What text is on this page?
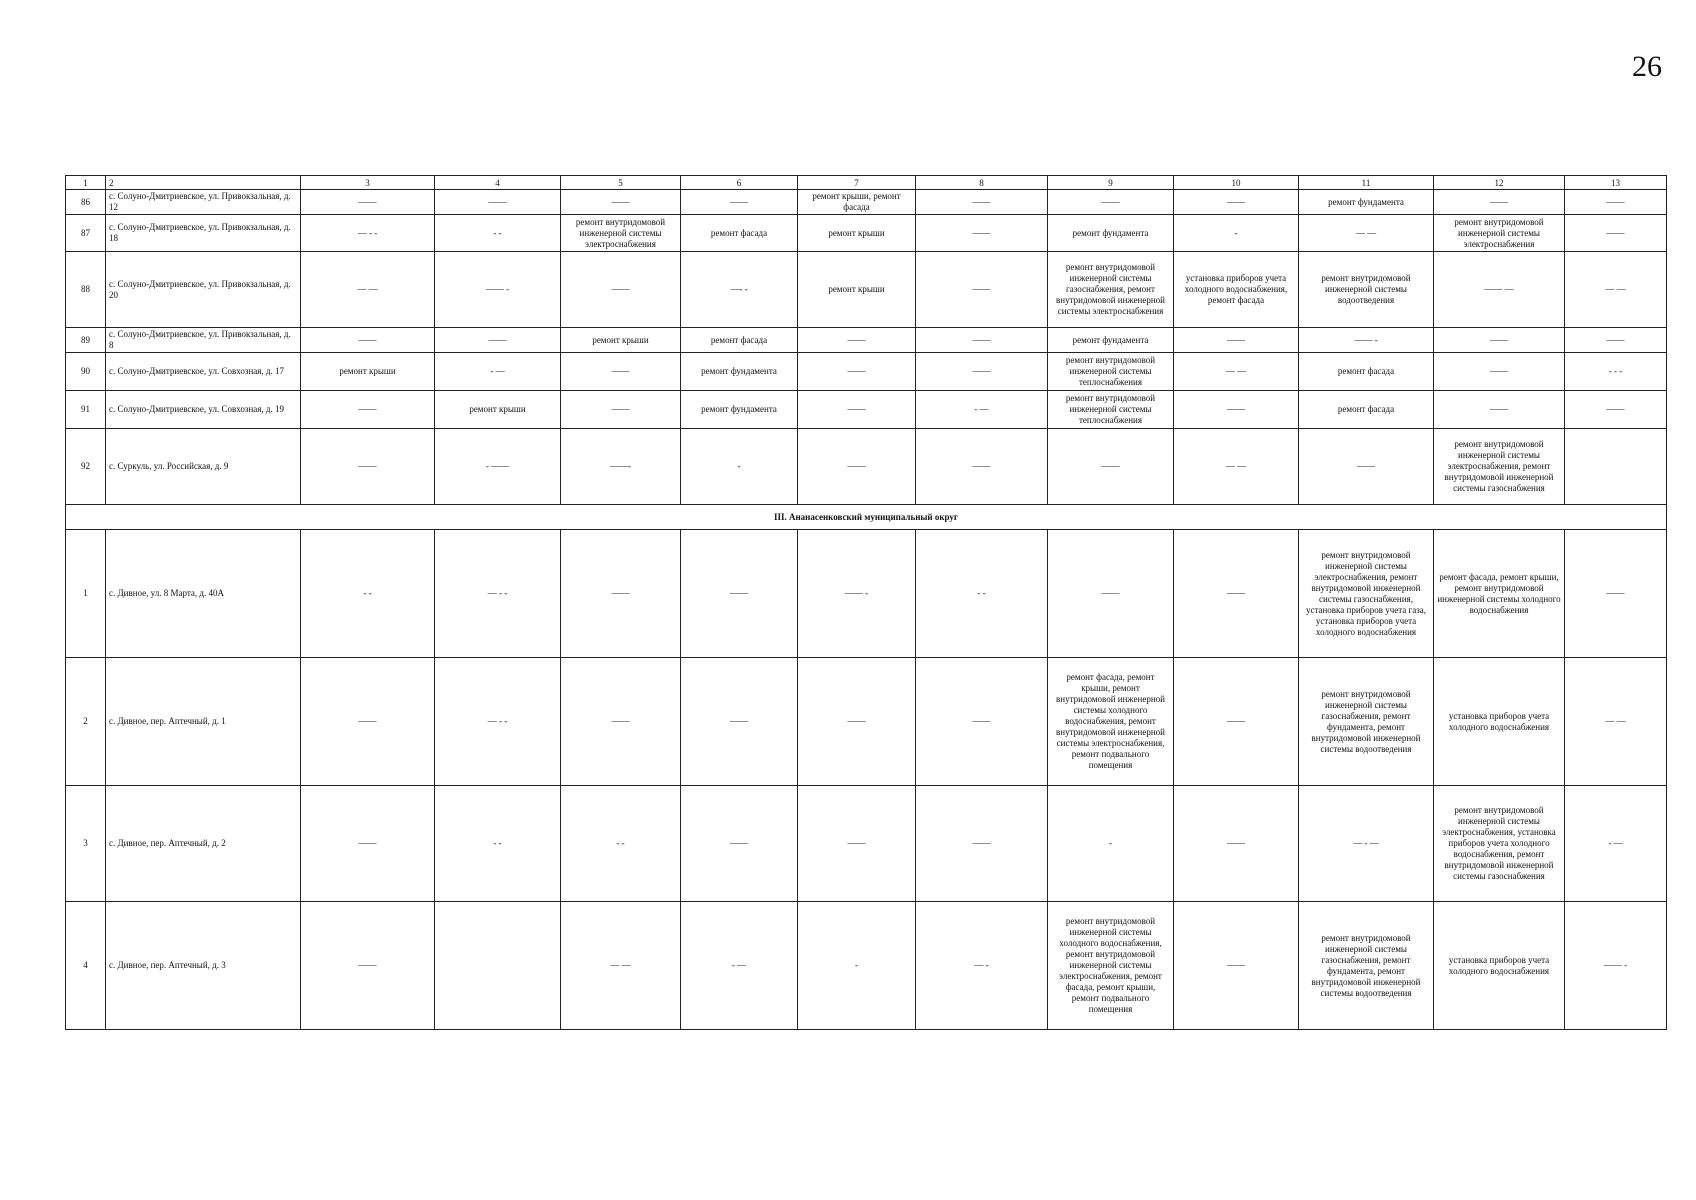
26
1	2	3	4	5	6	7	8	9	10	11	12	13
86	с. Солуно-Дмитриевское, ул. Привокзальная, д. 12	——	——	——	——	ремонт крыши, ремонт фасада	——	——	——	ремонт фундамента	——	——
87	с. Солуно-Дмитриевское, ул. Привокзальная, д. 18	— - -	- -	ремонт внутридомовой инженерной системы электроснабжения	ремонт фасада	ремонт крыши	——	ремонт фундамента	-	— —	ремонт внутридомовой инженерной системы электроснабжения	——
88	с. Солуно-Дмитриевское, ул. Привокзальная, д. 20	— —	—— -	——	—- -	ремонт крыши	——	ремонт внутридомовой инженерной системы газоснабжения, ремонт внутридомовой инженерной системы электроснабжения	установка приборов учета холодного водоснабжения, ремонт фасада	ремонт внутридомовой инженерной системы водоотведения	—— —	— —
89	с. Солуно-Дмитриевское, ул. Привокзальная, д. 8	——	——	ремонт крыши	ремонт фасада	——	——	ремонт фундамента	——	—— -	——	——
90	с. Солуно-Дмитриевское, ул. Совхозная, д. 17	ремонт крыши	- —	——	ремонт фундамента	——	——	ремонт внутридомовой инженерной системы теплоснабжения	— —	ремонт фасада	——	- - -
91	с. Солуно-Дмитриевское, ул. Совхозная, д. 19	——	ремонт крыши	——	ремонт фундамента	——	- —	ремонт внутридомовой инженерной системы теплоснабжения	——	ремонт фасада	——	——
92	с. Суркуль, ул. Российская, д. 9	——	- ——	——-	-	——	——	——	— —	——	ремонт внутридомовой инженерной системы электроснабжения, ремонт внутридомовой инженерной системы газоснабжения	
III. Ананасенковский муниципальный округ												
1	с. Дивное, ул. 8 Марта, д. 40А	- -	— - -	——	——	—— -	- -	——	——	ремонт внутридомовой инженерной системы электроснабжения, ремонт внутридомовой инженерной системы газоснабжения, установка приборов учета газа, установка приборов учета холодного водоснабжения	ремонт фасада, ремонт крыши, ремонт внутридомовой инженерной системы холодного водоснабжения	——
2	с. Дивное, пер. Аптечный, д. 1	——	— - -	——	——	——	——	ремонт фасада, ремонт крыши, ремонт внутридомовой инженерной системы холодного водоснабжения, ремонт внутридомовой инженерной системы электроснабжения, ремонт подвального помещения	——	ремонт внутридомовой инженерной системы газоснабжения, ремонт фундамента, ремонт внутридомовой инженерной системы водоотведения	установка приборов учета холодного водоснабжения	— —
3	с. Дивное, пер. Аптечный, д. 2	——	- -	- -	——	——	——	-	——	— - —	ремонт внутридомовой инженерной системы электроснабжения, установка приборов учета холодного водоснабжения, ремонт внутридомовой инженерной системы газоснабжения	- —
4	с. Дивное, пер. Аптечный, д. 3	——		— —	- —	-	— -	ремонт внутридомовой инженерной системы холодного водоснабжения, ремонт внутридомовой инженерной системы электроснабжения, ремонт фасада, ремонт крыши, ремонт подвального помещения	——	ремонт внутридомовой инженерной системы газоснабжения, ремонт фундамента, ремонт внутридомовой инженерной системы водоотведения	установка приборов учета холодного водоснабжения	—— -
